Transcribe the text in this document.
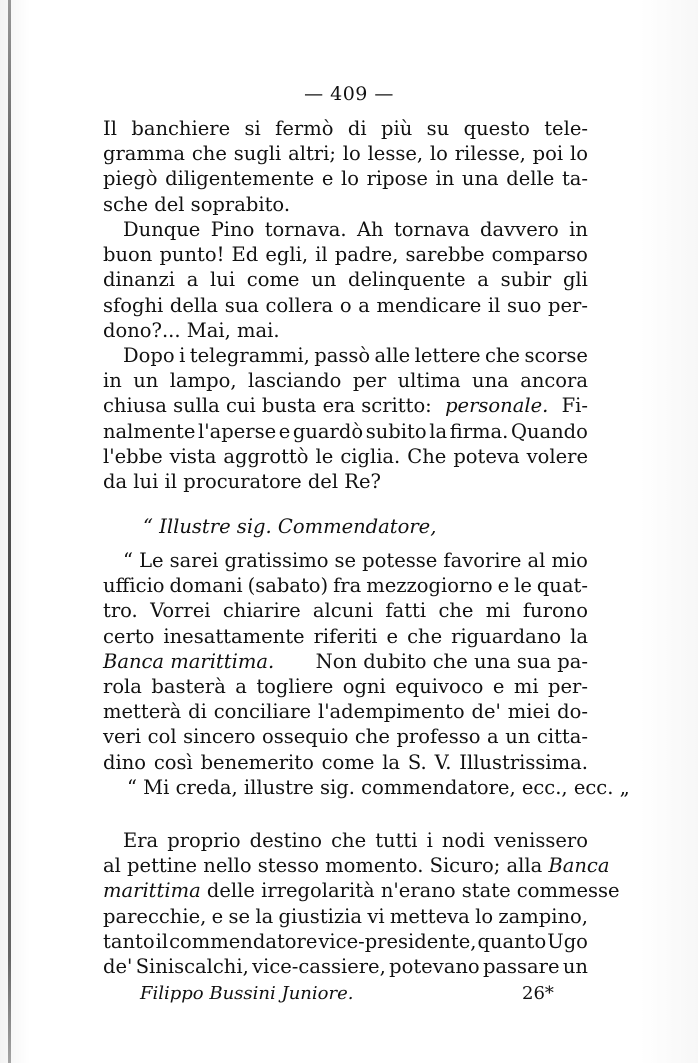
— 409 —
Il banchiere si fermò di più su questo tele-
gramma che sugli altri; lo lesse, lo rilesse, poi lo
piegò diligentemente e lo ripose in una delle ta-
sche del soprabito.
Dunque Pino tornava. Ah tornava davvero in
buon punto! Ed egli, il padre, sarebbe comparso
dinanzi a lui come un delinquente a subir gli
sfoghi della sua collera o a mendicare il suo per-
dono?... Mai, mai.
Dopo i telegrammi, passò alle lettere che scorse
in un lampo, lasciando per ultima una ancora
chiusa sulla cui busta era scritto: personale. Fi-
nalmente l'aperse e guardò subito la firma. Quando
l'ebbe vista aggrottò le ciglia. Che poteva volere
da lui il procuratore del Re?
“ Illustre sig. Commendatore,
“ Le sarei gratissimo se potesse favorire al mio
ufficio domani (sabato) fra mezzogiorno e le quat-
tro. Vorrei chiarire alcuni fatti che mi furono
certo inesattamente riferiti e che riguardano la
Banca marittima. Non dubito che una sua pa-
rola basterà a togliere ogni equivoco e mi per-
metterà di conciliare l'adempimento de' miei do-
veri col sincero ossequio che professo a un citta-
dino così benemerito come la S. V. Illustrissima.
“ Mi creda, illustre sig. commendatore, ecc., ecc. „
Era proprio destino che tutti i nodi venissero
al pettine nello stesso momento. Sicuro; alla Banca
marittima delle irregolarità n'erano state commesse
parecchie, e se la giustizia vi metteva lo zampino,
tanto il commendatore vice-presidente, quanto Ugo
de' Siniscalchi, vice-cassiere, potevano passare un
Filippo Bussini Juniore.	26*
